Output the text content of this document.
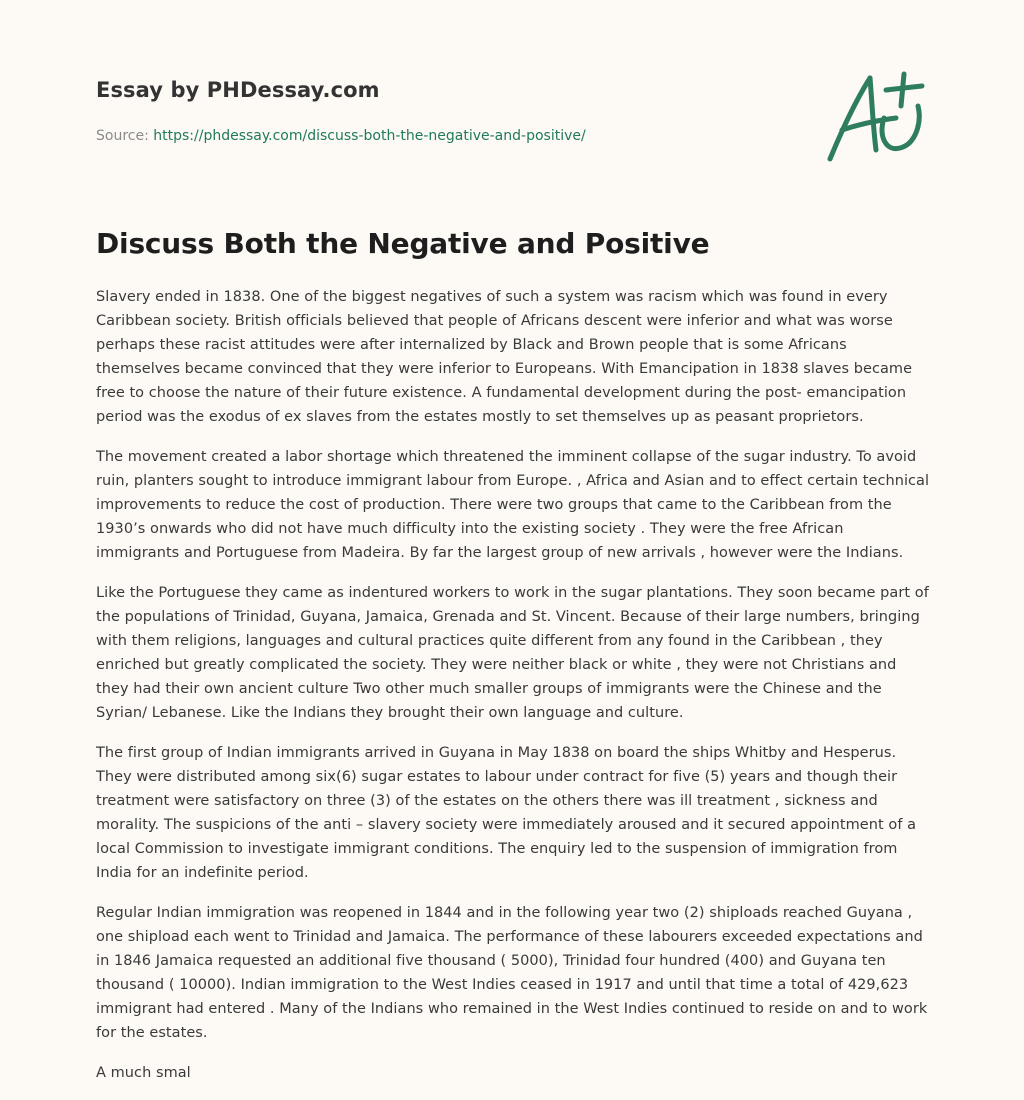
Essay by PHDessay.com
Source: https://phdessay.com/discuss-both-the-negative-and-positive/
Discuss Both the Negative and Positive

Slavery ended in 1838. One of the biggest negatives of such a system was racism which was found in every Caribbean society. British officials believed that people of Africans descent were inferior and what was worse perhaps these racist attitudes were after internalized by Black and Brown people that is some Africans themselves became convinced that they were inferior to Europeans. With Emancipation in 1838 slaves became free to choose the nature of their future existence. A fundamental development during the post- emancipation period was the exodus of ex slaves from the estates mostly to set themselves up as peasant proprietors.

The movement created a labor shortage which threatened the imminent collapse of the sugar industry. To avoid ruin, planters sought to introduce immigrant labour from Europe. , Africa and Asian and to effect certain technical improvements to reduce the cost of production. There were two groups that came to the Caribbean from the 1930’s onwards who did not have much difficulty into the existing society . They were the free African immigrants and Portuguese from Madeira. By far the largest group of new arrivals , however were the Indians.

Like the Portuguese they came as indentured workers to work in the sugar plantations. They soon became part of the populations of Trinidad, Guyana, Jamaica, Grenada and St. Vincent. Because of their large numbers, bringing with them religions, languages and cultural practices quite different from any found in the Caribbean , they enriched but greatly complicated the society. They were neither black or white , they were not Christians and they had their own ancient culture Two other much smaller groups of immigrants were the Chinese and the Syrian/ Lebanese. Like the Indians they brought their own language and culture.

The first group of Indian immigrants arrived in Guyana in May 1838 on board the ships Whitby and Hesperus. They were distributed among six(6) sugar estates to labour under contract for five (5) years and though their treatment were satisfactory on three (3) of the estates on the others there was ill treatment , sickness and morality. The suspicions of the anti – slavery society were immediately aroused and it secured appointment of a local Commission to investigate immigrant conditions. The enquiry led to the suspension of immigration from India for an indefinite period.

Regular Indian immigration was reopened in 1844 and in the following year two (2) shiploads reached Guyana , one shipload each went to Trinidad and Jamaica. The performance of these labourers exceeded expectations and in 1846 Jamaica requested an additional five thousand ( 5000), Trinidad four hundred (400) and Guyana ten thousand ( 10000). Indian immigration to the West Indies ceased in 1917 and until that time a total of 429,623 immigrant had entered . Many of the Indians who remained in the West Indies continued to reside on and to work for the estates.

A much smal
